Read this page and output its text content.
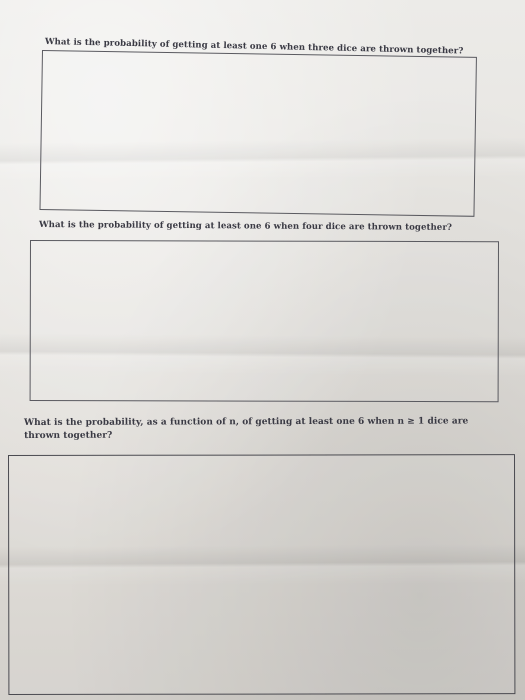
What is the probability of getting at least one 6 when three dice are thrown together?

What is the probability of getting at least one 6 when four dice are thrown together?

What is the probability, as a function of n, of getting at least one 6 when n ≥ 1 dice are thrown together?
